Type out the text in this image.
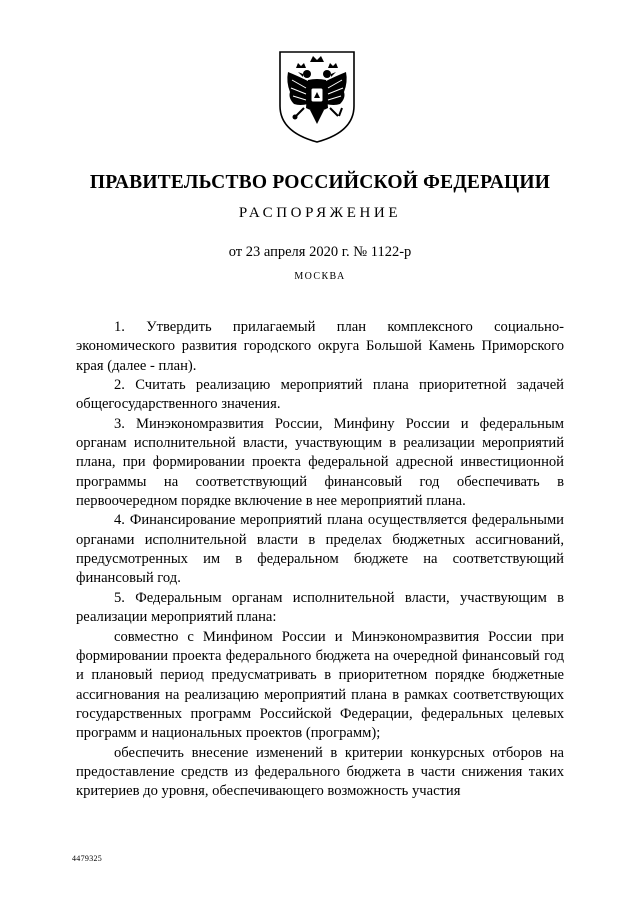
ПРАВИТЕЛЬСТВО РОССИЙСКОЙ ФЕДЕРАЦИИ
РАСПОРЯЖЕНИЕ
от 23 апреля 2020 г. № 1122-р
МОСКВА

1. Утвердить прилагаемый план комплексного социально-экономического развития городского округа Большой Камень Приморского края (далее - план).

2. Считать реализацию мероприятий плана приоритетной задачей общегосударственного значения.

3. Минэкономразвития России, Минфину России и федеральным органам исполнительной власти, участвующим в реализации мероприятий плана, при формировании проекта федеральной адресной инвестиционной программы на соответствующий финансовый год обеспечивать в первоочередном порядке включение в нее мероприятий плана.

4. Финансирование мероприятий плана осуществляется федеральными органами исполнительной власти в пределах бюджетных ассигнований, предусмотренных им в федеральном бюджете на соответствующий финансовый год.

5. Федеральным органам исполнительной власти, участвующим в реализации мероприятий плана:

совместно с Минфином России и Минэкономразвития России при формировании проекта федерального бюджета на очередной финансовый год и плановый период предусматривать в приоритетном порядке бюджетные ассигнования на реализацию мероприятий плана в рамках соответствующих государственных программ Российской Федерации, федеральных целевых программ и национальных проектов (программ);

обеспечить внесение изменений в критерии конкурсных отборов на предоставление средств из федерального бюджета в части снижения таких критериев до уровня, обеспечивающего возможность участия

4479325
